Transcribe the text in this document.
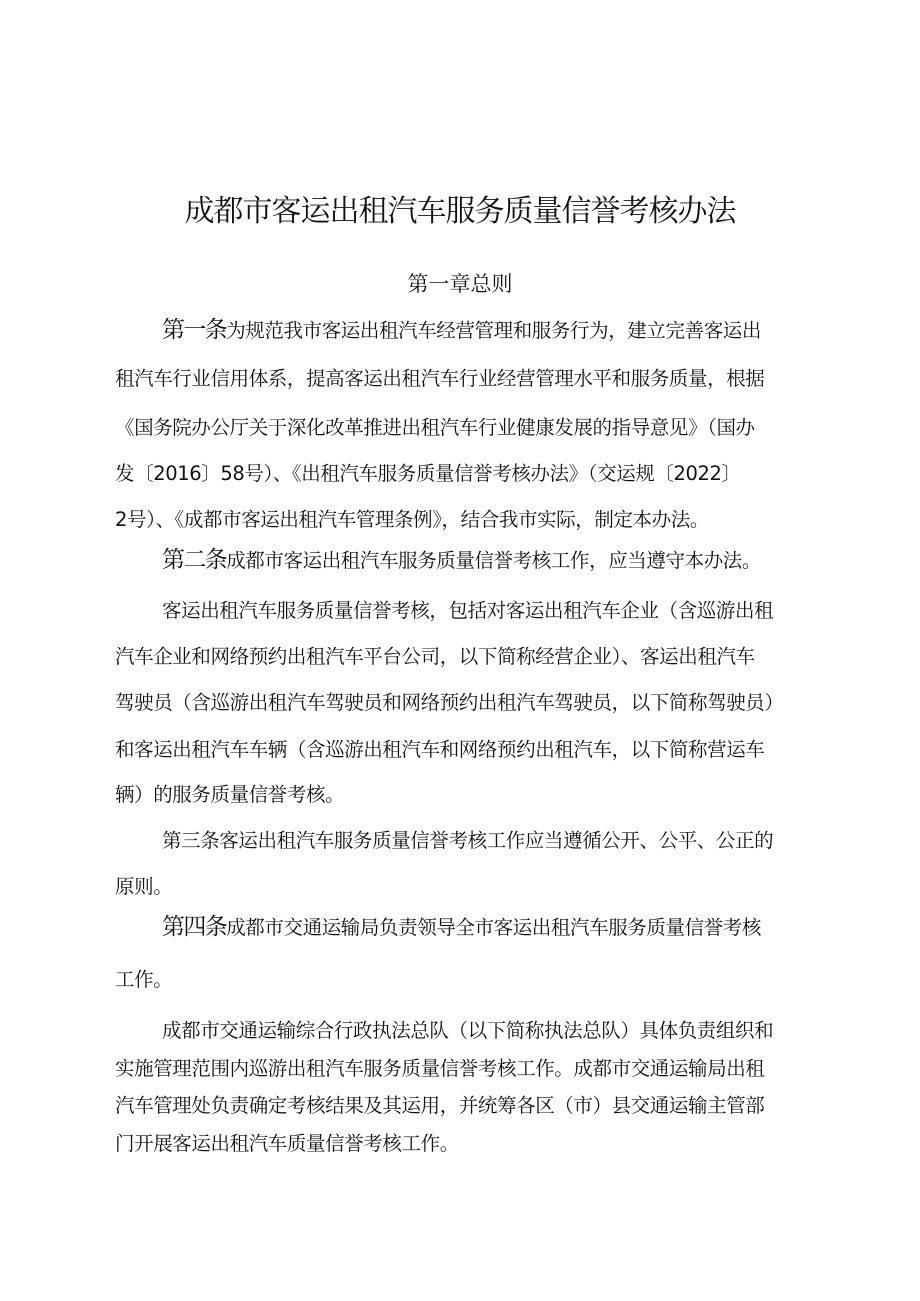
成都市客运出租汽车服务质量信誉考核办法
第一章总则
第一条为规范我市客运出租汽车经营管理和服务行为，建立完善客运出
租汽车行业信用体系，提高客运出租汽车行业经营管理水平和服务质量，根据
《国务院办公厅关于深化改革推进出租汽车行业健康发展的指导意见》（国办
发〔2016〕58号）、《出租汽车服务质量信誉考核办法》（交运规〔2022〕
2号）、《成都市客运出租汽车管理条例》，结合我市实际，制定本办法。
第二条成都市客运出租汽车服务质量信誉考核工作，应当遵守本办法。
客运出租汽车服务质量信誉考核，包括对客运出租汽车企业（含巡游出租
汽车企业和网络预约出租汽车平台公司，以下简称经营企业）、客运出租汽车
驾驶员（含巡游出租汽车驾驶员和网络预约出租汽车驾驶员，以下简称驾驶员）
和客运出租汽车车辆（含巡游出租汽车和网络预约出租汽车，以下简称营运车
辆）的服务质量信誉考核。
第三条客运出租汽车服务质量信誉考核工作应当遵循公开、公平、公正的
原则。
第四条成都市交通运输局负责领导全市客运出租汽车服务质量信誉考核
工作。
成都市交通运输综合行政执法总队（以下简称执法总队）具体负责组织和
实施管理范围内巡游出租汽车服务质量信誉考核工作。成都市交通运输局出租
汽车管理处负责确定考核结果及其运用，并统筹各区（市）县交通运输主管部
门开展客运出租汽车质量信誉考核工作。
